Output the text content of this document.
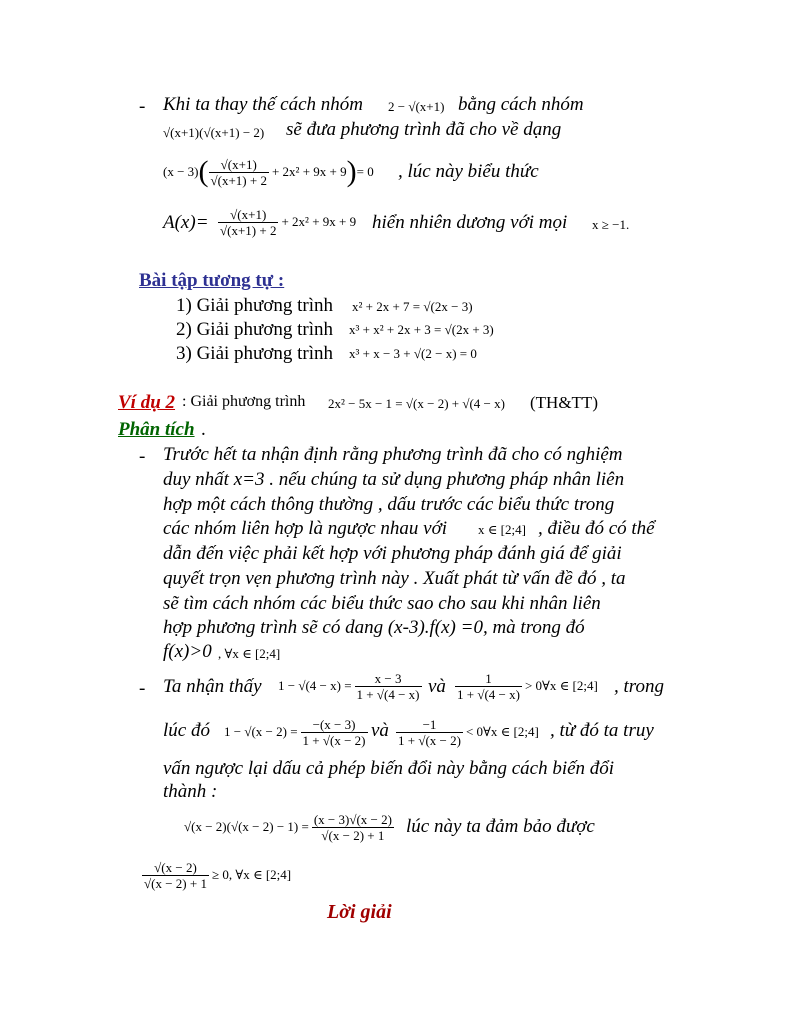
- Khi ta thay thế cách nhóm 2 − √(x+1) bằng cách nhóm
√(x+1)(√(x+1) − 2) sẽ đưa phương trình đã cho về dạng
(x − 3) ( $\frac{√(x+1)}{√(x+1) + 2} + 2x^2 + 9x + 9$ ) = 0 , lúc này biểu thức
$A(x)= \frac{√(x+1)}{√(x+1) + 2} + 2x^2 + 9x + 9$ hiển nhiên dương với mọi x ≥ −1.
Bài tập tương tự :
1) Giải phương trình x² + 2x + 7 = √(2x − 3)
2) Giải phương trình x³ + x² + 2x + 3 = √(2x + 3)
3) Giải phương trình x³ + x − 3 + √(2 − x) = 0
Ví dụ 2 : Giải phương trình 2x² − 5x − 1 = √(x − 2) + √(4 − x) (TH&TT)
Phân tích .
- Trước hết ta nhận định rằng phương trình đã cho có nghiệm
duy nhất x=3 . nếu chúng ta sử dụng phương pháp nhân liên
hợp một cách thông thường , dấu trước các biểu thức trong
các nhóm liên hợp là ngược nhau với x ∈ [2;4] , điều đó có thể
dẫn đến việc phải kết hợp với phương pháp đánh giá để giải
quyết trọn vẹn phương trình này . Xuất phát từ vấn đề đó , ta
sẽ tìm cách nhóm các biểu thức sao cho sau khi nhân liên
hợp phương trình sẽ có dang (x-3).f(x) =0, mà trong đó
f(x)>0 , ∀x ∈ [2;4]
- Ta nhận thấy $1 - √(4 - x) = \frac{x - 3}{1 + √(4 - x)}$ và $\frac{1}{1 + √(4 - x)}$ > 0∀x ∈ [2;4] , trong
lúc đó $1 - √(x - 2) = \frac{-(x - 3)}{1 + √(x - 2)}$ và $\frac{-1}{1 + √(x - 2)}$ < 0∀x ∈ [2;4] , từ đó ta truy
vấn ngược lại dấu cả phép biến đổi này bằng cách biến đổi
thành :
$√(x - 2)(√(x - 2) - 1) = \frac{(x - 3)√(x - 2)}{√(x - 2) + 1}$ lúc này ta đảm bảo được
$\frac{√(x - 2)}{√(x - 2) + 1} \ge 0$, ∀x ∈ [2;4]
Lời giải
